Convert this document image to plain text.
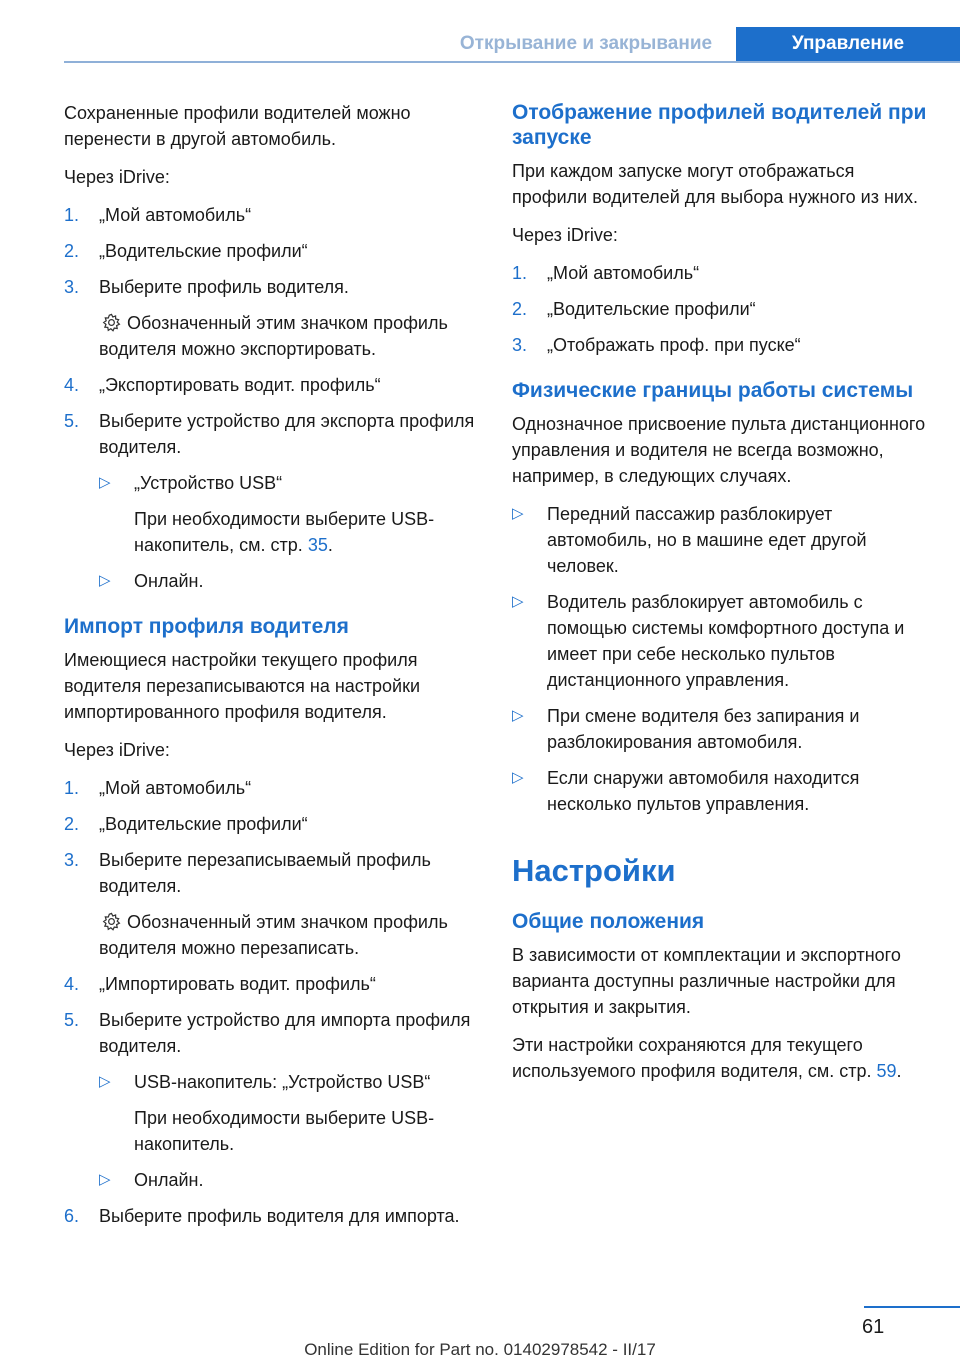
Открывание и закрывание	Управление

Сохраненные профили водителей можно перенести в другой автомобиль.

Через iDrive:

1.	„Мой автомобиль“
2.	„Водительские профили“
3.	Выберите профиль водителя.
Обозначенный этим значком профиль водителя можно экспортировать.
4.	„Экспортировать водит. профиль“
5.	Выберите устройство для экспорта профиля водителя.
▷	„Устройство USB“
При необходимости выберите USB-накопитель, см. стр. 35.
▷	Онлайн.
Импорт профиля водителя

Имеющиеся настройки текущего профиля водителя перезаписываются на настройки импортированного профиля водителя.

Через iDrive:

1.	„Мой автомобиль“
2.	„Водительские профили“
3.	Выберите перезаписываемый профиль водителя.
Обозначенный этим значком профиль водителя можно перезаписать.
4.	„Импортировать водит. профиль“
5.	Выберите устройство для импорта профиля водителя.
▷	USB-накопитель: „Устройство USB“
При необходимости выберите USB-накопитель.
▷	Онлайн.
6.	Выберите профиль водителя для импорта.
Отображение профилей водителей при запуске

При каждом запуске могут отображаться профили водителей для выбора нужного из них.

Через iDrive:

1.	„Мой автомобиль“
2.	„Водительские профили“
3.	„Отображать проф. при пуске“
Физические границы работы системы

Однозначное присвоение пульта дистанционного управления и водителя не всегда возможно, например, в следующих случаях.

▷	Передний пассажир разблокирует автомобиль, но в машине едет другой человек.
▷	Водитель разблокирует автомобиль с помощью системы комфортного доступа и имеет при себе несколько пультов дистанционного управления.
▷	При смене водителя без запирания и разблокирования автомобиля.
▷	Если снаружи автомобиля находится несколько пультов управления.
Настройки
Общие положения

В зависимости от комплектации и экспортного варианта доступны различные настройки для открытия и закрытия.

Эти настройки сохраняются для текущего используемого профиля водителя, см. стр. 59.

61
Online Edition for Part no. 01402978542 - II/17
